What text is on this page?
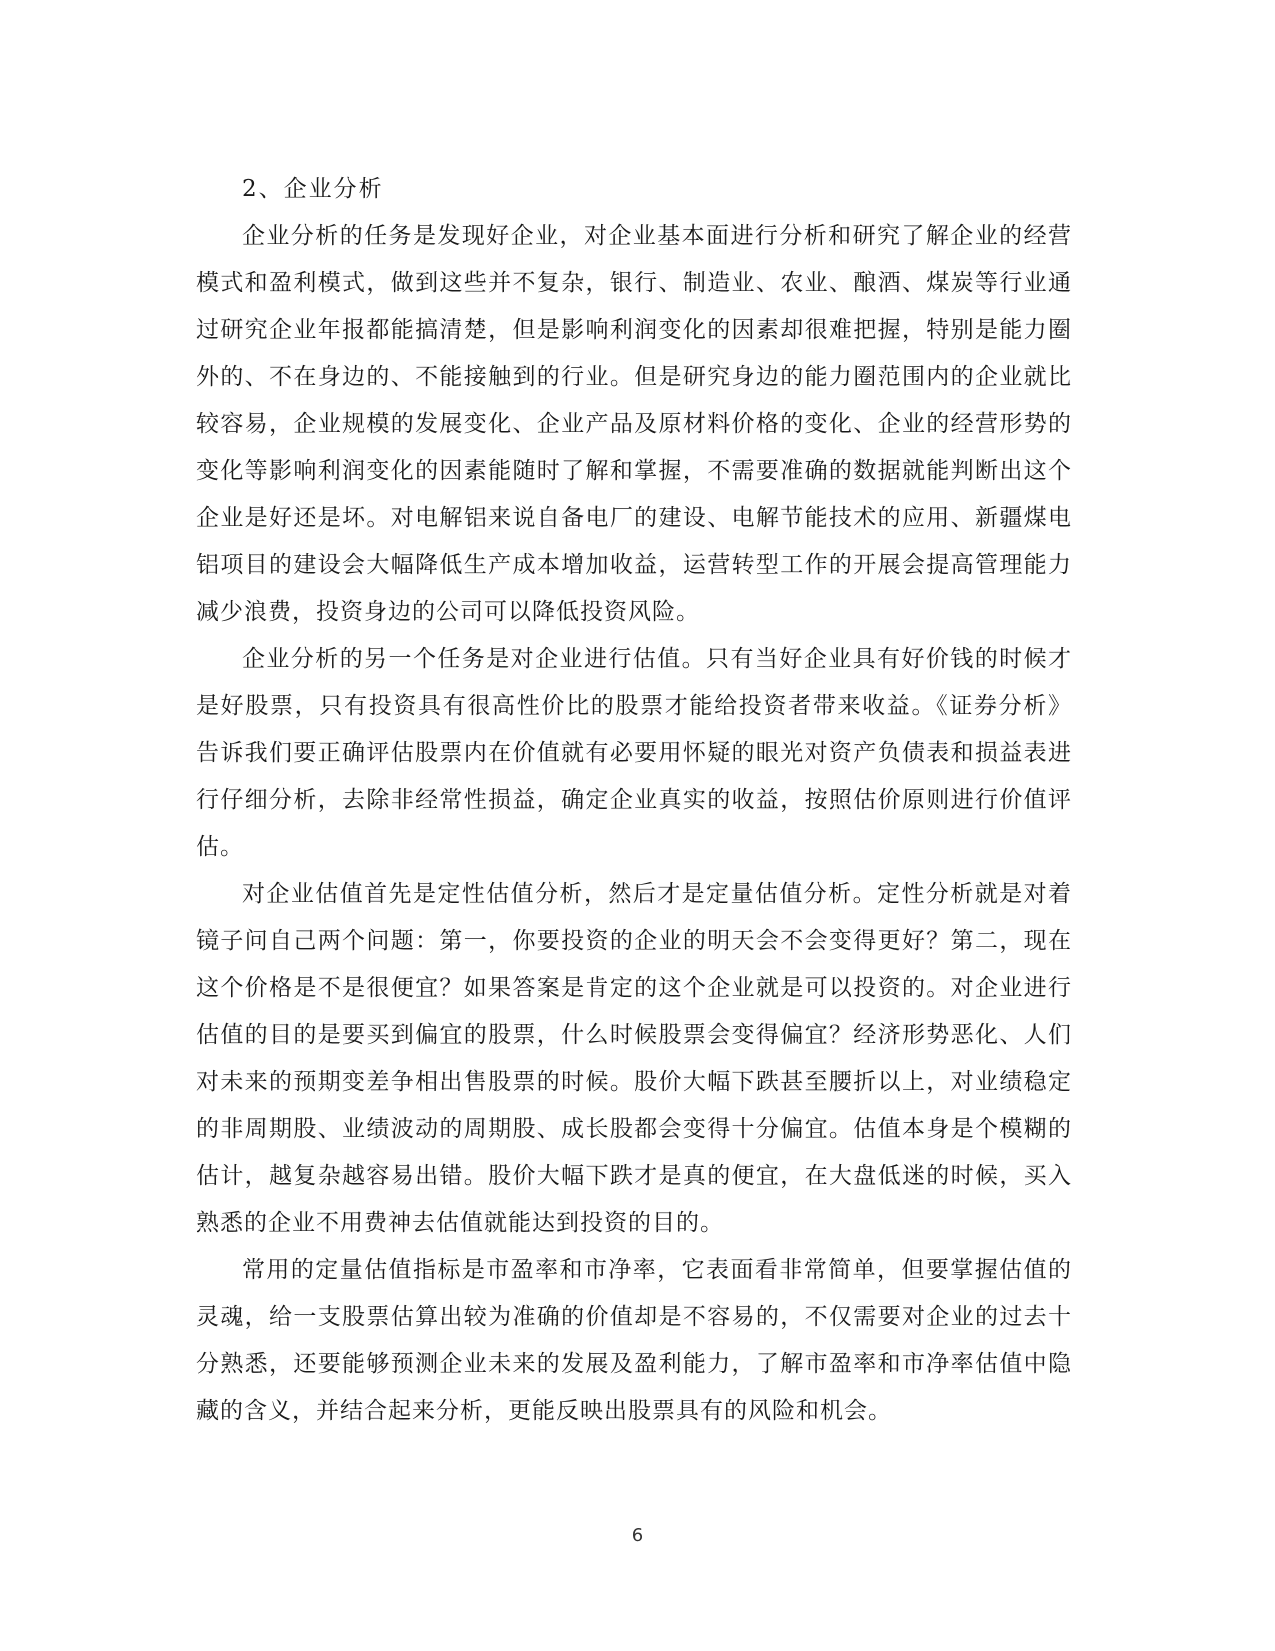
2、企业分析

企业分析的任务是发现好企业，对企业基本面进行分析和研究了解企业的经营模式和盈利模式，做到这些并不复杂，银行、制造业、农业、酿酒、煤炭等行业通过研究企业年报都能搞清楚，但是影响利润变化的因素却很难把握，特别是能力圈外的、不在身边的、不能接触到的行业。但是研究身边的能力圈范围内的企业就比较容易，企业规模的发展变化、企业产品及原材料价格的变化、企业的经营形势的变化等影响利润变化的因素能随时了解和掌握，不需要准确的数据就能判断出这个企业是好还是坏。对电解铝来说自备电厂的建设、电解节能技术的应用、新疆煤电铝项目的建设会大幅降低生产成本增加收益，运营转型工作的开展会提高管理能力减少浪费，投资身边的公司可以降低投资风险。

企业分析的另一个任务是对企业进行估值。只有当好企业具有好价钱的时候才是好股票，只有投资具有很高性价比的股票才能给投资者带来收益。《证券分析》告诉我们要正确评估股票内在价值就有必要用怀疑的眼光对资产负债表和损益表进行仔细分析，去除非经常性损益，确定企业真实的收益，按照估价原则进行价值评估。

对企业估值首先是定性估值分析，然后才是定量估值分析。定性分析就是对着镜子问自己两个问题：第一，你要投资的企业的明天会不会变得更好？第二，现在这个价格是不是很便宜？如果答案是肯定的这个企业就是可以投资的。对企业进行估值的目的是要买到偏宜的股票，什么时候股票会变得偏宜？经济形势恶化、人们对未来的预期变差争相出售股票的时候。股价大幅下跌甚至腰折以上，对业绩稳定的非周期股、业绩波动的周期股、成长股都会变得十分偏宜。估值本身是个模糊的估计，越复杂越容易出错。股价大幅下跌才是真的便宜，在大盘低迷的时候，买入熟悉的企业不用费神去估值就能达到投资的目的。

常用的定量估值指标是市盈率和市净率，它表面看非常简单，但要掌握估值的灵魂，给一支股票估算出较为准确的价值却是不容易的，不仅需要对企业的过去十分熟悉，还要能够预测企业未来的发展及盈利能力，了解市盈率和市净率估值中隐藏的含义，并结合起来分析，更能反映出股票具有的风险和机会。

6
